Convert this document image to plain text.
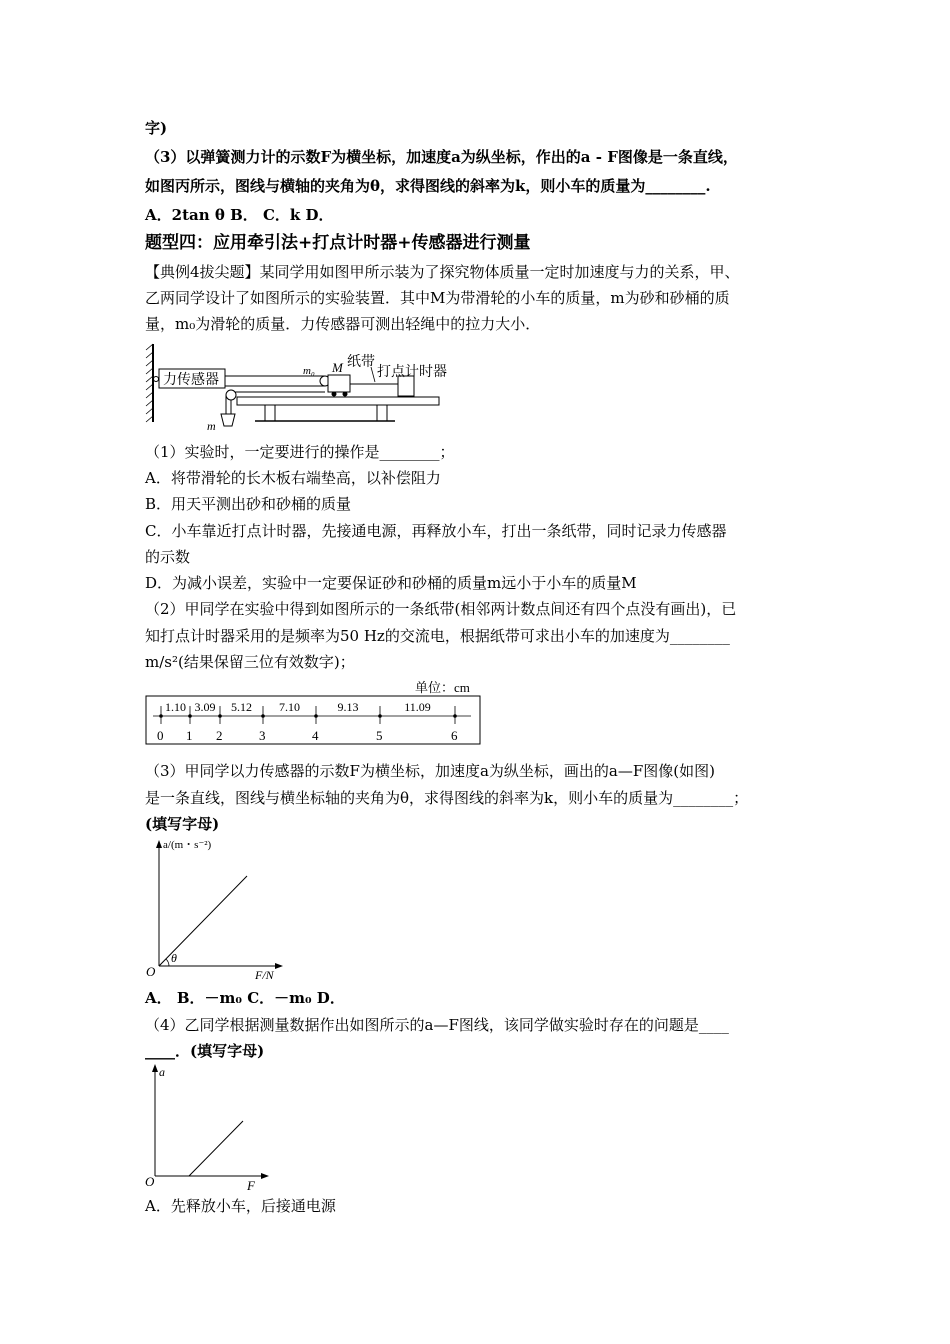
字)
（3）以弹簧测力计的示数F为横坐标，加速度a为纵坐标，作出的a - F图像是一条直线，
如图丙所示，图线与横轴的夹角为θ，求得图线的斜率为k，则小车的质量为________.
A．2tan θ B． C．k D．
题型四：应用牵引法+打点计时器+传感器进行测量
【典例4拔尖题】某同学用如图甲所示装为了探究物体质量一定时加速度与力的关系，甲、
乙两同学设计了如图所示的实验装置．其中M为带滑轮的小车的质量，m为砂和砂桶的质
量，m₀为滑轮的质量．力传感器可测出轻绳中的拉力大小．
力传感器
m
m₀ M 纸带
打点计时器
（1）实验时，一定要进行的操作是________；
A．将带滑轮的长木板右端垫高，以补偿阻力
B．用天平测出砂和砂桶的质量
C．小车靠近打点计时器，先接通电源，再释放小车，打出一条纸带，同时记录力传感器
的示数
D．为减小误差，实验中一定要保证砂和砂桶的质量m远小于小车的质量M
（2）甲同学在实验中得到如图所示的一条纸带(相邻两计数点间还有四个点没有画出)，已
知打点计时器采用的是频率为50 Hz的交流电，根据纸带可求出小车的加速度为________
m/s²(结果保留三位有效数字)；
单位：cm
0 1 2	3	4	5	6
1.10 3.09 5.12 7.10	9.13	11.09
（3）甲同学以力传感器的示数F为横坐标，加速度a为纵坐标，画出的a—F图像(如图)
是一条直线，图线与横坐标轴的夹角为θ，求得图线的斜率为k，则小车的质量为________；
(填写字母)
a/(m・s⁻²)
F/N
O
θ
A． B．－m₀ C．－m₀ D．
（4）乙同学根据测量数据作出如图所示的a—F图线，该同学做实验时存在的问题是____
____．(填写字母)
a
F
O
A．先释放小车，后接通电源
